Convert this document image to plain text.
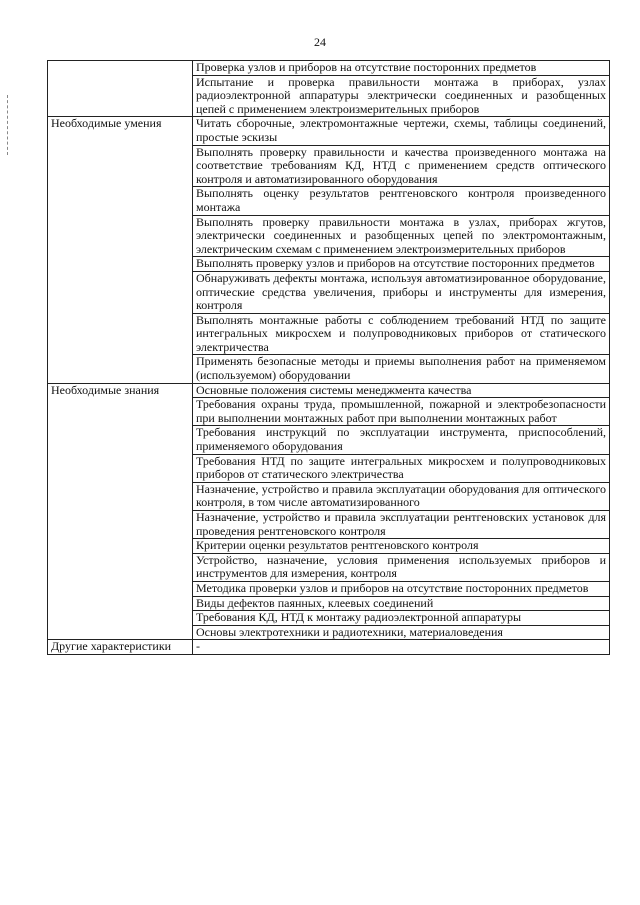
24
	Проверка узлов и приборов на отсутствие посторонних предметов
	Испытание и проверка правильности монтажа в приборах, узлах радиоэлектронной аппаратуры электрически соединенных и разобщенных цепей с применением электроизмерительных приборов
Необходимые умения	Читать сборочные, электромонтажные чертежи, схемы, таблицы соединений, простые эскизы
	Выполнять проверку правильности и качества произведенного монтажа на соответствие требованиям КД, НТД с применением средств оптического контроля и автоматизированного оборудования
	Выполнять оценку результатов рентгеновского контроля произведенного монтажа
	Выполнять проверку правильности монтажа в узлах, приборах жгутов, электрически соединенных и разобщенных цепей по электромонтажным, электрическим схемам с применением электроизмерительных приборов
	Выполнять проверку узлов и приборов на отсутствие посторонних предметов
	Обнаруживать дефекты монтажа, используя автоматизированное оборудование, оптические средства увеличения, приборы и инструменты для измерения, контроля
	Выполнять монтажные работы с соблюдением требований НТД по защите интегральных микросхем и полупроводниковых приборов от статического электричества
	Применять безопасные методы и приемы выполнения работ на применяемом (используемом) оборудовании
Необходимые знания	Основные положения системы менеджмента качества
	Требования охраны труда, промышленной, пожарной и электробезопасности при выполнении монтажных работ при выполнении монтажных работ
	Требования инструкций по эксплуатации инструмента, приспособлений, применяемого оборудования
	Требования НТД по защите интегральных микросхем и полупроводниковых приборов от статического электричества
	Назначение, устройство и правила эксплуатации оборудования для оптического контроля, в том числе автоматизированного
	Назначение, устройство и правила эксплуатации рентгеновских установок для проведения рентгеновского контроля
	Критерии оценки результатов рентгеновского контроля
	Устройство, назначение, условия применения используемых приборов и инструментов для измерения, контроля
	Методика проверки узлов и приборов на отсутствие посторонних предметов
	Виды дефектов паянных, клеевых соединений
	Требования КД, НТД к монтажу радиоэлектронной аппаратуры
	Основы электротехники и радиотехники, материаловедения
Другие характеристики	-
